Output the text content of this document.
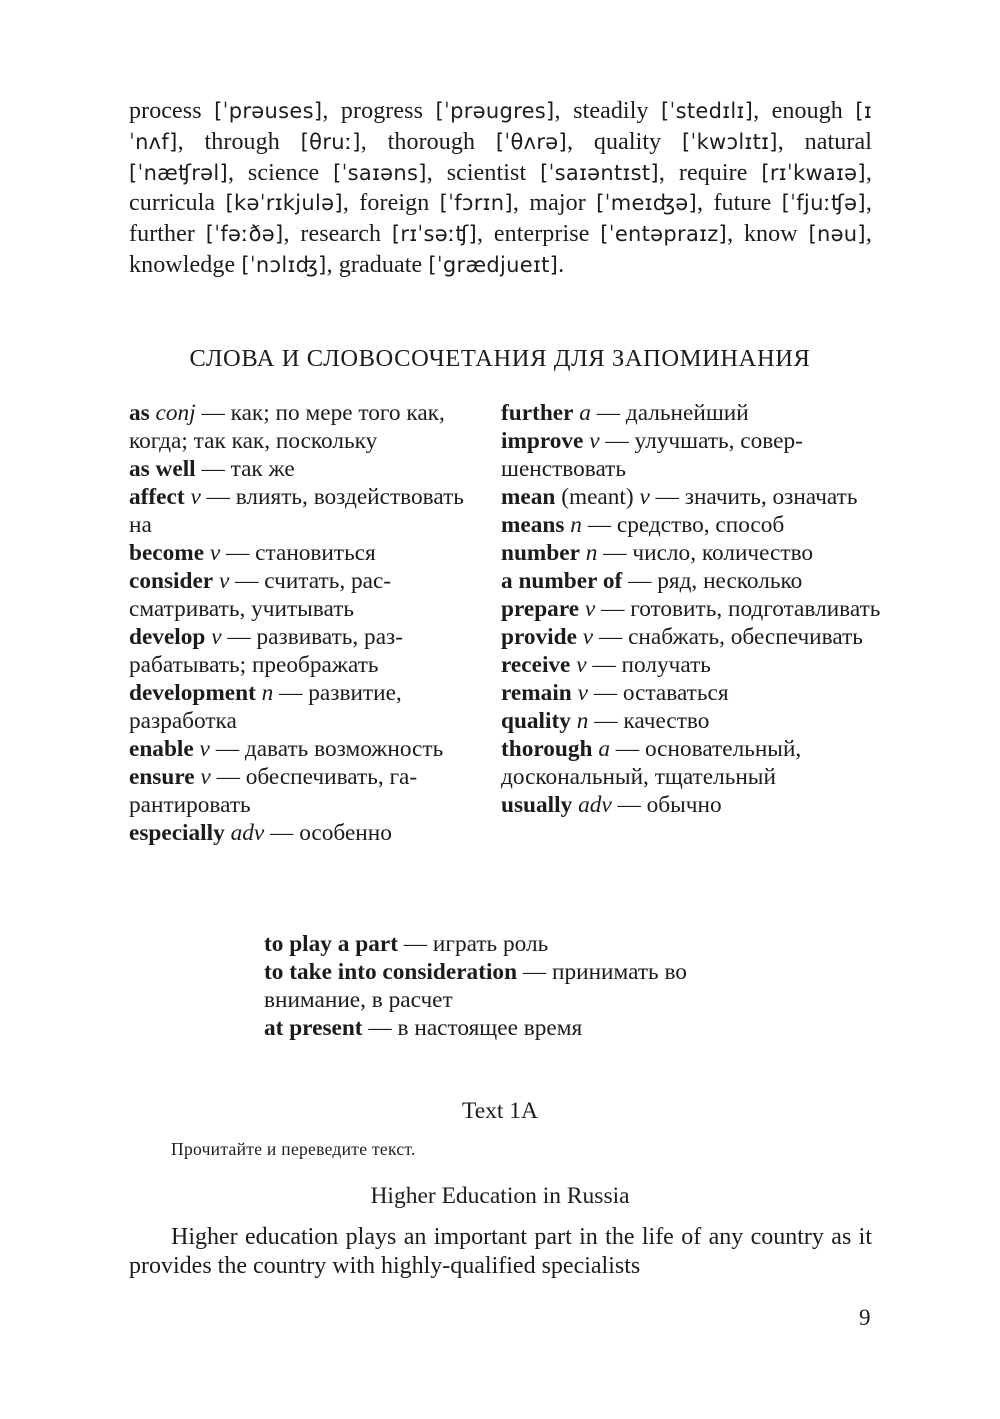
process [ˈprəuses], progress [ˈprəugres], steadily [ˈstedɪlɪ], enough [ɪˈnʌf], through [θruː], thorough [ˈθʌrə], quality [ˈkwɔlɪtɪ], natural [ˈnæʧrəl], science [ˈsaɪəns], scientist [ˈsaɪəntɪst], require [rɪˈkwaɪə], curricula [kəˈrɪkjulə], foreign [ˈfɔrɪn], major [ˈmeɪʤə], future [ˈfjuːʧə], further [ˈfəːðə], research [rɪˈsəːʧ], enterprise [ˈentəpraɪz], know [nəu], knowledge [ˈnɔlɪʤ], graduate [ˈgrædjueɪt].
СЛОВА И СЛОВОСОЧЕТАНИЯ ДЛЯ ЗАПОМИНАНИЯ

as conj — как; по мере того как, когда; так как, поскольку

as well — так же

affect v — влиять, воздействовать на

become v — становиться

consider v — считать, рассматривать, учитывать

develop v — развивать, разрабатывать; преображать

development n — развитие, разработка

enable v — давать возможность

ensure v — обеспечивать, гарантировать

especially adv — особенно

further a — дальнейший

improve v — улучшать, совершенствовать

mean (meant) v — значить, означать

means n — средство, способ

number n — число, количество

a number of — ряд, несколько

prepare v — готовить, подготавливать

provide v — снабжать, обеспечивать

receive v — получать

remain v — оставаться

quality n — качество

thorough a — основательный, доскональный, тщательный

usually adv — обычно

to play a part — играть роль

to take into consideration — принимать во внимание, в расчет

at present — в настоящее время

Text 1A
Прочитайте и переведите текст.
Higher Education in Russia

Higher education plays an important part in the life of any country as it provides the country with highly-qualified specialists

9
